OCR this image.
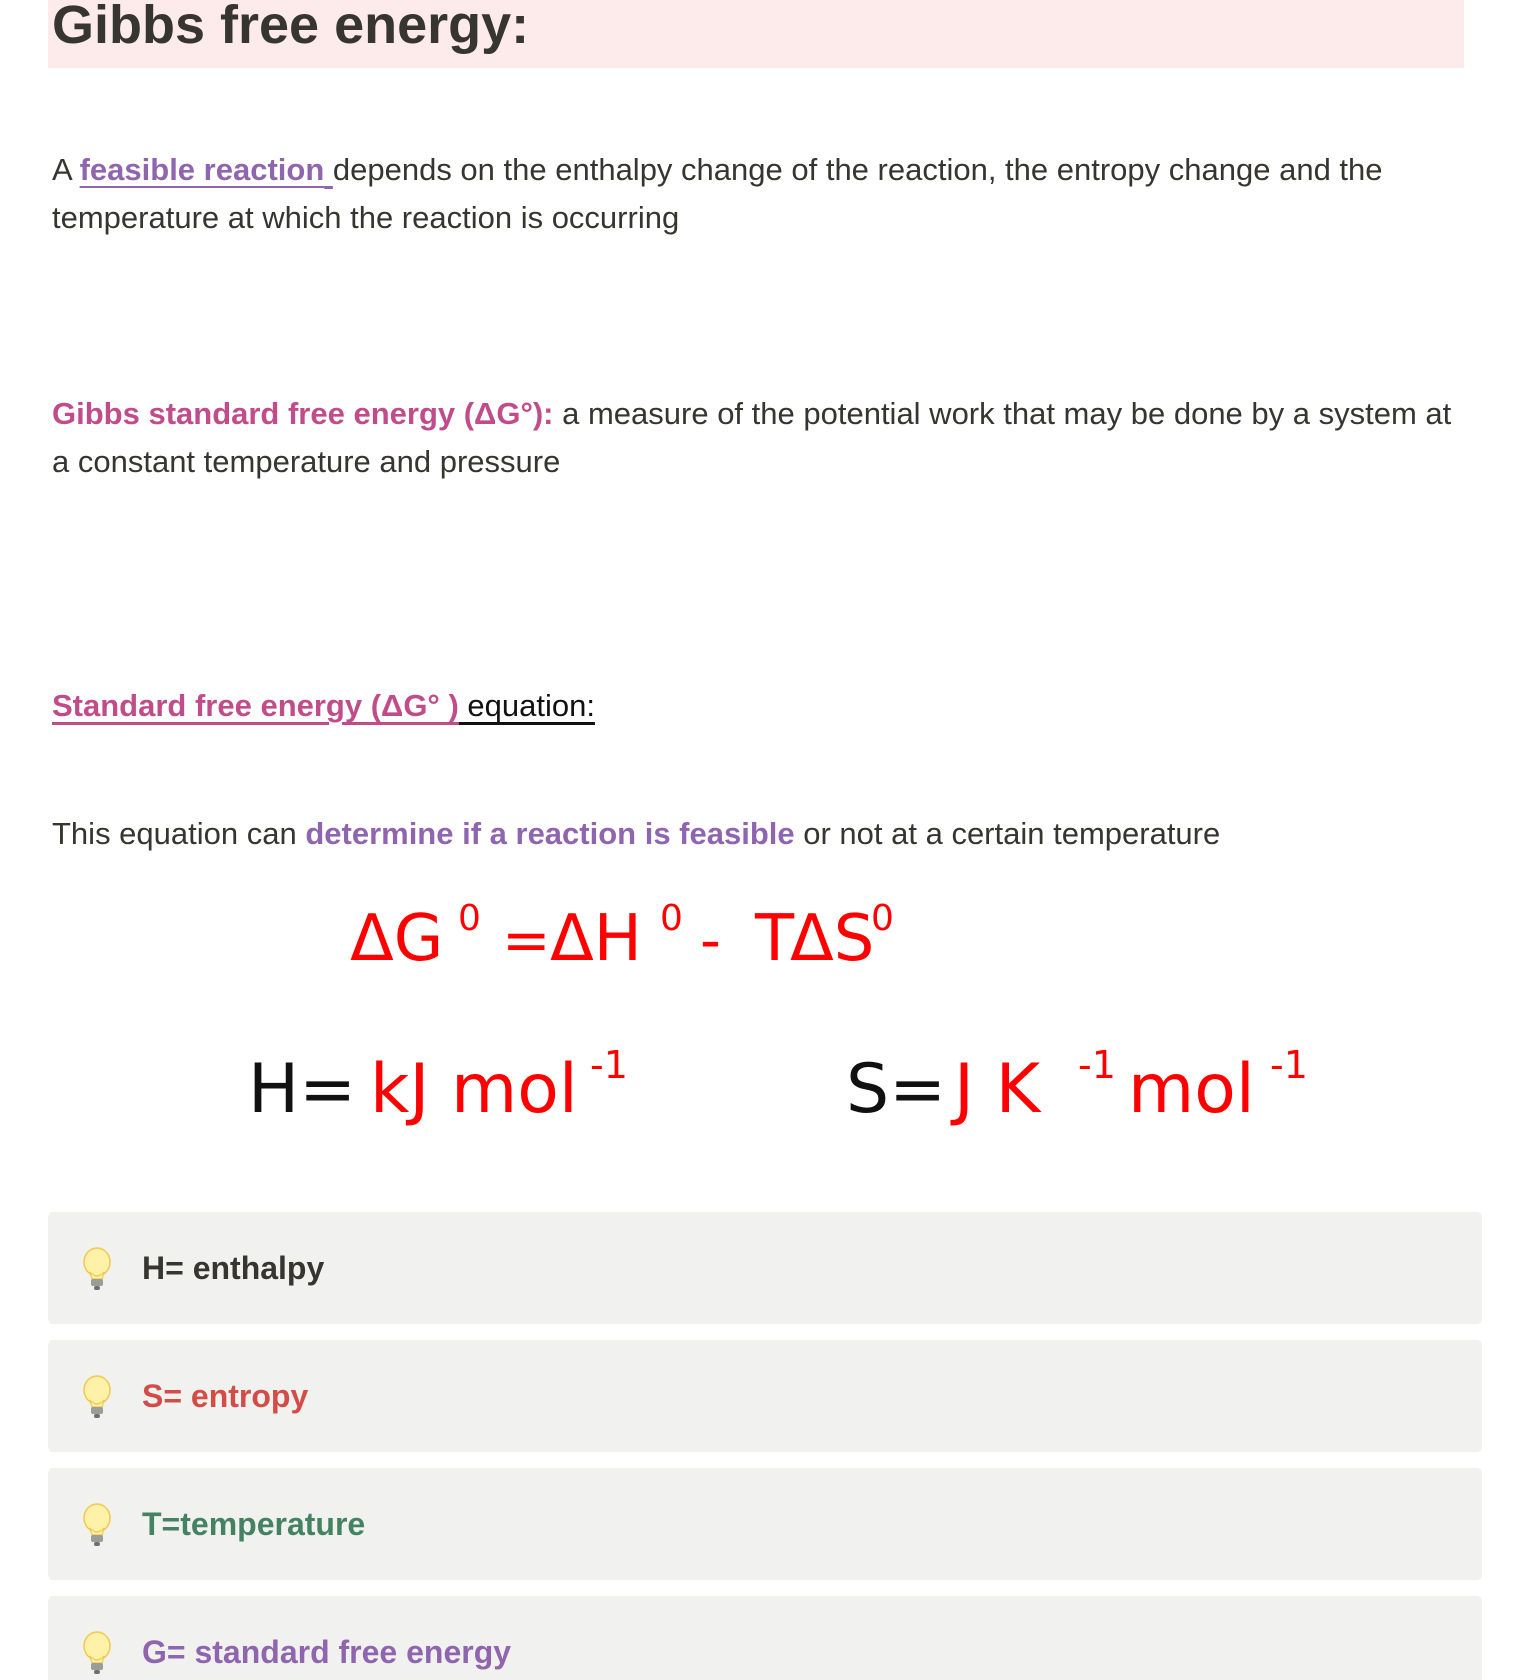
Gibbs free energy:

A feasible reaction depends on the enthalpy change of the reaction, the entropy change and the temperature at which the reaction is occurring

Gibbs standard free energy (ΔG°): a measure of the potential work that may be done by a system at a constant temperature and pressure

Standard free energy (ΔG° ) equation:

This equation can determine if a reaction is feasible or not at a certain temperature

ΔG 0 = ΔH 0 - T
ΔS
0
H= kJ mol -1	S= J K -1 mol -1
H= enthalpy
S= entropy
T=temperature
G= standard free energy
